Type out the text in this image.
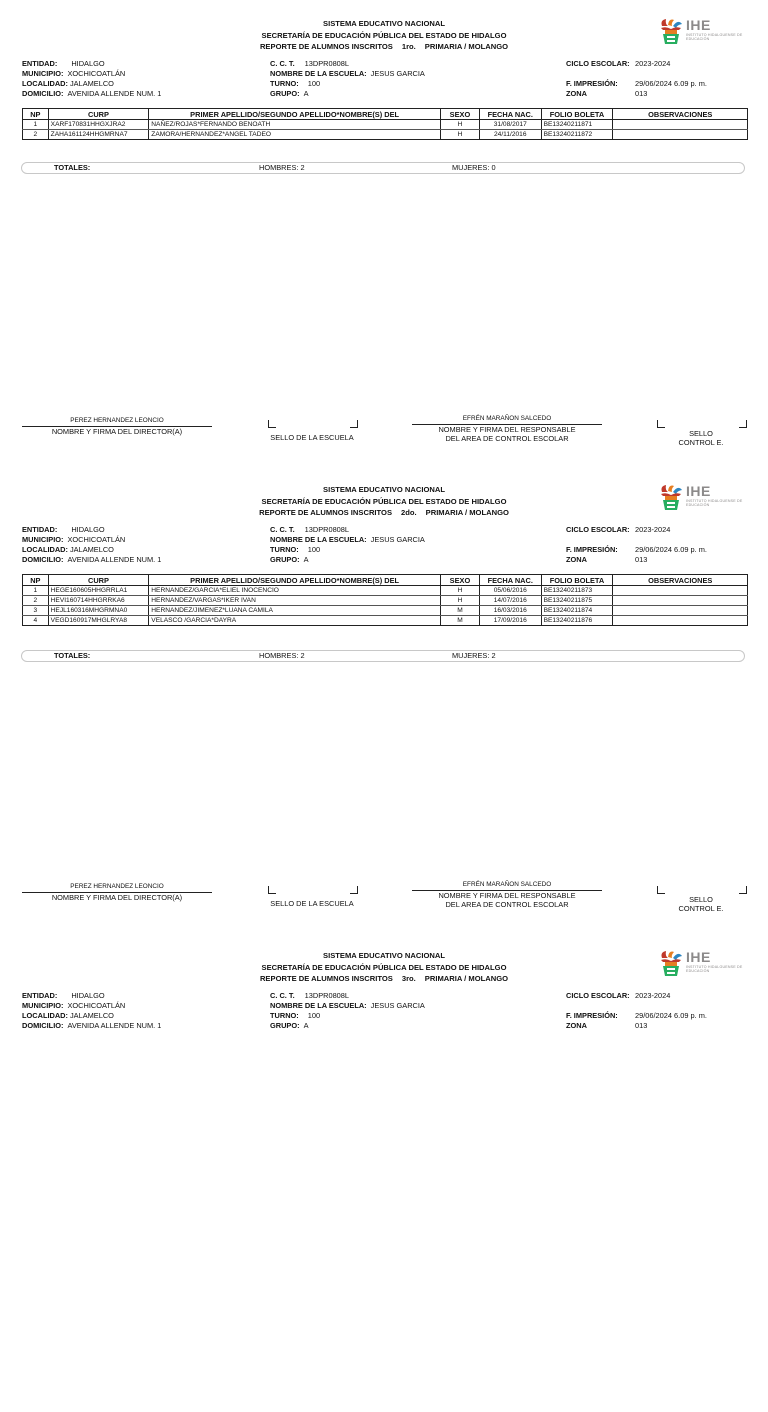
SISTEMA EDUCATIVO NACIONAL
SECRETARÍA DE EDUCACIÓN PÚBLICA DEL ESTADO DE HIDALGO
REPORTE DE ALUMNOS INSCRITOS 1ro. PRIMARIA / MOLANGO
IHE
INSTITUTO HIDALGUENSE DE EDUCACIÓN
ENTIDAD: HIDALGO
MUNICIPIO: XOCHICOATLÁN
LOCALIDAD: JALAMELCO
DOMICILIO: AVENIDA ALLENDE NUM. 1
C. C. T. 13DPR0808L
NOMBRE DE LA ESCUELA: JESUS GARCIA
TURNO: 100
GRUPO: A
CICLO ESCOLAR: 2023-2024
F. IMPRESIÓN: 29/06/2024 6.09 p. m.
ZONA	013
NP	CURP	PRIMER APELLIDO/SEGUNDO APELLIDO*NOMBRE(S) DEL	SEXO	FECHA NAC.	FOLIO BOLETA	OBSERVACIONES
1	XARF170831HHGXJRA2	NAÑEZ/ROJAS*FERNANDO BENOATH	H	31/08/2017	BE13240211871	
2	ZAHA161124HHGMRNA7	ZAMORA/HERNANDEZ*ANGEL TADEO	H	24/11/2016	BE13240211872	
TOTALES:	HOMBRES: 2	MUJERES: 0
PEREZ HERNANDEZ LEONCIO
NOMBRE Y FIRMA DEL DIRECTOR(A)
SELLO DE LA ESCUELA
EFRÉN MARAÑON SALCEDO
NOMBRE Y FIRMA DEL RESPONSABLE
DEL AREA DE CONTROL ESCOLAR	SELLO
CONTROL E.
SISTEMA EDUCATIVO NACIONAL
SECRETARÍA DE EDUCACIÓN PÚBLICA DEL ESTADO DE HIDALGO
REPORTE DE ALUMNOS INSCRITOS 2do. PRIMARIA / MOLANGO
IHE
INSTITUTO HIDALGUENSE DE EDUCACIÓN
ENTIDAD: HIDALGO
MUNICIPIO: XOCHICOATLÁN
LOCALIDAD: JALAMELCO
DOMICILIO: AVENIDA ALLENDE NUM. 1
C. C. T. 13DPR0808L
NOMBRE DE LA ESCUELA: JESUS GARCIA
TURNO: 100
GRUPO: A
CICLO ESCOLAR: 2023-2024
F. IMPRESIÓN: 29/06/2024 6.09 p. m.
ZONA	013
NP	CURP	PRIMER APELLIDO/SEGUNDO APELLIDO*NOMBRE(S) DEL	SEXO	FECHA NAC.	FOLIO BOLETA	OBSERVACIONES
1	HEGE160605HHGRRLA1	HERNANDEZ/GARCIA*ELIEL INOCENCIO	H	05/06/2016	BE13240211873	
2	HEVI160714HHGRRKA6	HERNANDEZ/VARGAS*IKER IVAN	H	14/07/2016	BE13240211875	
3	HEJL160316MHGRMNA0	HERNANDEZ/JIMENEZ*LUANA CAMILA	M	16/03/2016	BE13240211874	
4	VEGD160917MHGLRYA8	VELASCO /GARCIA*DAYRA	M	17/09/2016	BE13240211876	
TOTALES:	HOMBRES: 2	MUJERES: 2
PEREZ HERNANDEZ LEONCIO
NOMBRE Y FIRMA DEL DIRECTOR(A)
SELLO DE LA ESCUELA
EFRÉN MARAÑON SALCEDO
NOMBRE Y FIRMA DEL RESPONSABLE
DEL AREA DE CONTROL ESCOLAR	SELLO
CONTROL E.
SISTEMA EDUCATIVO NACIONAL
SECRETARÍA DE EDUCACIÓN PÚBLICA DEL ESTADO DE HIDALGO
REPORTE DE ALUMNOS INSCRITOS 3ro. PRIMARIA / MOLANGO
IHE
INSTITUTO HIDALGUENSE DE EDUCACIÓN
ENTIDAD: HIDALGO
MUNICIPIO: XOCHICOATLÁN
LOCALIDAD: JALAMELCO
DOMICILIO: AVENIDA ALLENDE NUM. 1
C. C. T. 13DPR0808L
NOMBRE DE LA ESCUELA: JESUS GARCIA
TURNO: 100
GRUPO: A
CICLO ESCOLAR: 2023-2024
F. IMPRESIÓN: 29/06/2024 6.09 p. m.
ZONA	013
